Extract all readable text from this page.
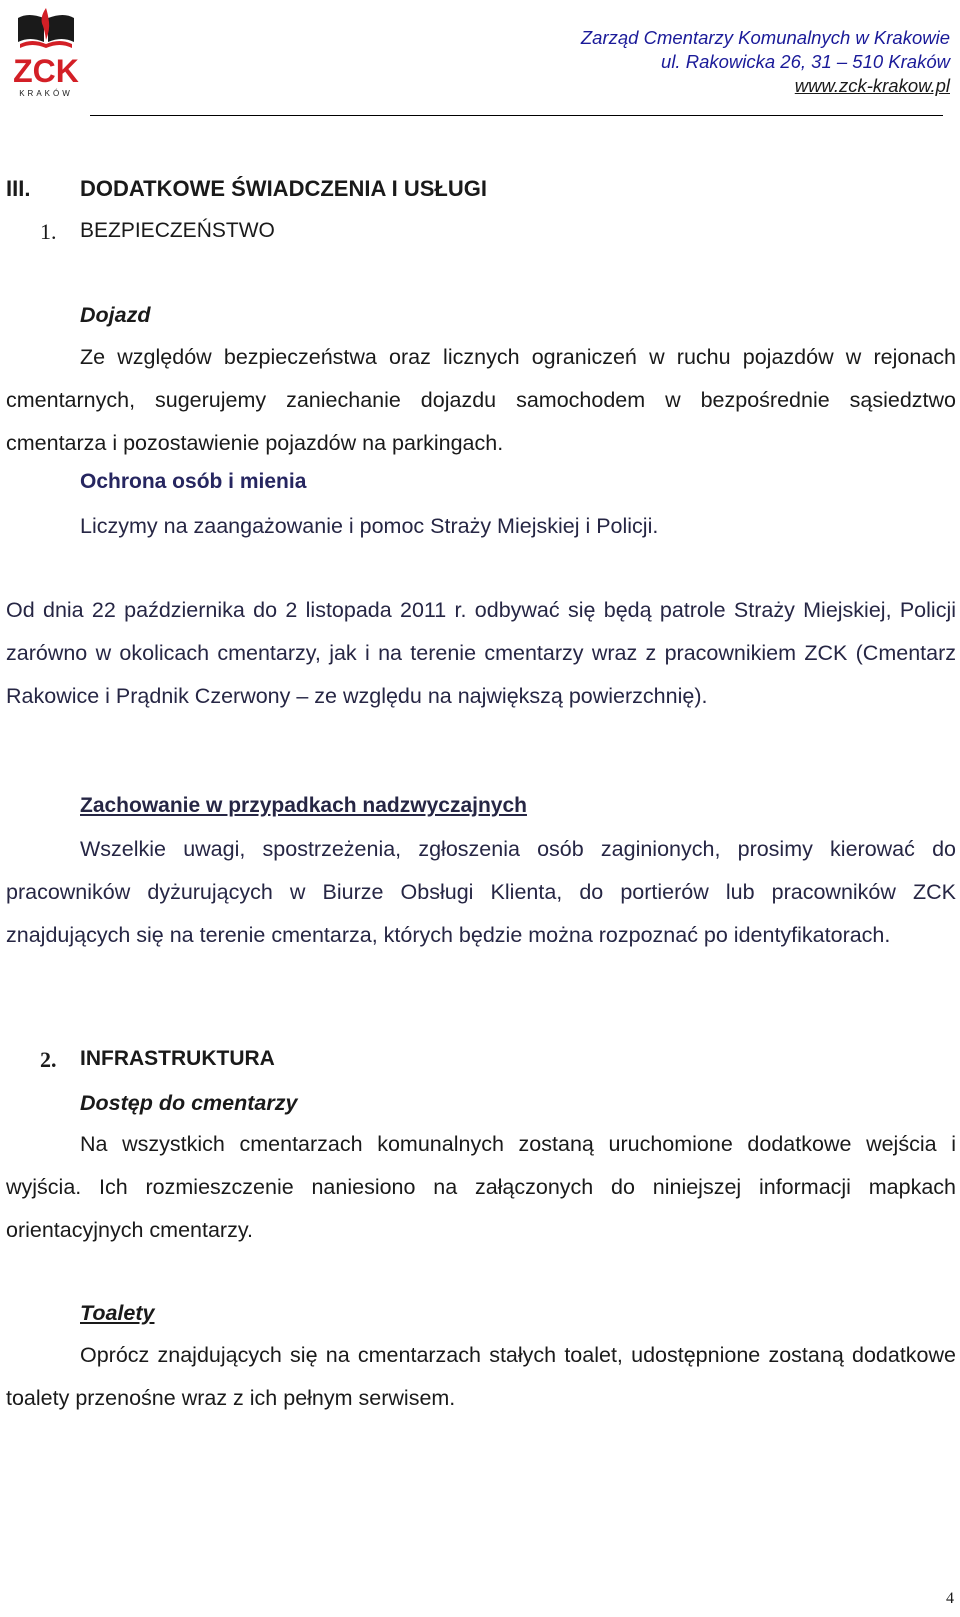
ZCK
KRAKÓW
Zarząd Cmentarzy Komunalnych w Krakowie
ul. Rakowicka 26, 31 – 510 Kraków
www.zck-krakow.pl
III. DODATKOWE ŚWIADCZENIA I USŁUGI
1. BEZPIECZEŃSTWO
Dojazd

Ze względów bezpieczeństwa oraz licznych ograniczeń w ruchu pojazdów w rejonach cmentarnych, sugerujemy zaniechanie dojazdu samochodem w bezpośrednie sąsiedztwo cmentarza i pozostawienie pojazdów na parkingach.

Ochrona osób i mienia

Liczymy na zaangażowanie i pomoc Straży Miejskiej i Policji.

Od dnia 22 października do 2 listopada 2011 r. odbywać się będą patrole Straży Miejskiej, Policji zarówno w okolicach cmentarzy, jak i na terenie cmentarzy wraz z pracownikiem ZCK (Cmentarz Rakowice i Prądnik Czerwony – ze względu na największą powierzchnię).

Zachowanie w przypadkach nadzwyczajnych

Wszelkie uwagi, spostrzeżenia, zgłoszenia osób zaginionych, prosimy kierować do pracowników dyżurujących w Biurze Obsługi Klienta, do portierów lub pracowników ZCK znajdujących się na terenie cmentarza, których będzie można rozpoznać po identyfikatorach.

2. INFRASTRUKTURA
Dostęp do cmentarzy

Na wszystkich cmentarzach komunalnych zostaną uruchomione dodatkowe wejścia i wyjścia. Ich rozmieszczenie naniesiono na załączonych do niniejszej informacji mapkach orientacyjnych cmentarzy.

Toalety

Oprócz znajdujących się na cmentarzach stałych toalet, udostępnione zostaną dodatkowe toalety przenośne wraz z ich pełnym serwisem.

4
